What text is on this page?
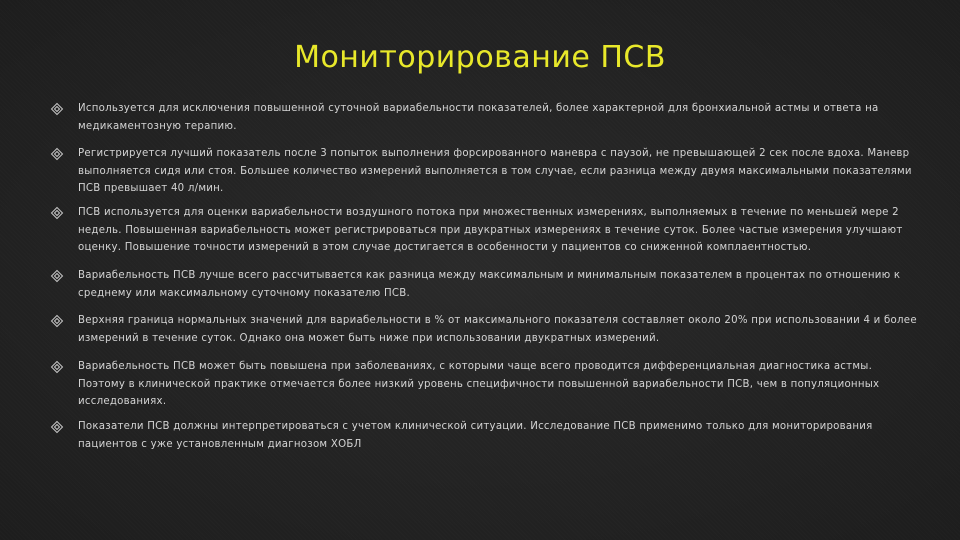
Мониторирование ПСВ
Используется для исключения повышенной суточной вариабельности показателей, более характерной для бронхиальной астмы и ответа на медикаментозную терапию.
Регистрируется лучший показатель после 3 попыток выполнения форсированного маневра с паузой, не превышающей 2 сек после вдоха. Маневр выполняется сидя или стоя. Большее количество измерений выполняется в том случае, если разница между двумя максимальными показателями ПСВ превышает 40 л/мин.
ПСВ используется для оценки вариабельности воздушного потока при множественных измерениях, выполняемых в течение по меньшей мере 2 недель. Повышенная вариабельность может регистрироваться при двукратных измерениях в течение суток. Более частые измерения улучшают оценку. Повышение точности измерений в этом случае достигается в особенности у пациентов со сниженной комплаентностью.
Вариабельность ПСВ лучше всего рассчитывается как разница между максимальным и минимальным показателем в процентах по отношению к среднему или максимальному суточному показателю ПСВ.
Верхняя граница нормальных значений для вариабельности в % от максимального показателя составляет около 20% при использовании 4 и более измерений в течение суток. Однако она может быть ниже при использовании двукратных измерений.
Вариабельность ПСВ может быть повышена при заболеваниях, с которыми чаще всего проводится дифференциальная диагностика астмы. Поэтому в клинической практике отмечается более низкий уровень специфичности повышенной вариабельности ПСВ, чем в популяционных исследованиях.
Показатели ПСВ должны интерпретироваться с учетом клинической ситуации. Исследование ПСВ применимо только для мониторирования пациентов с уже установленным диагнозом ХОБЛ
